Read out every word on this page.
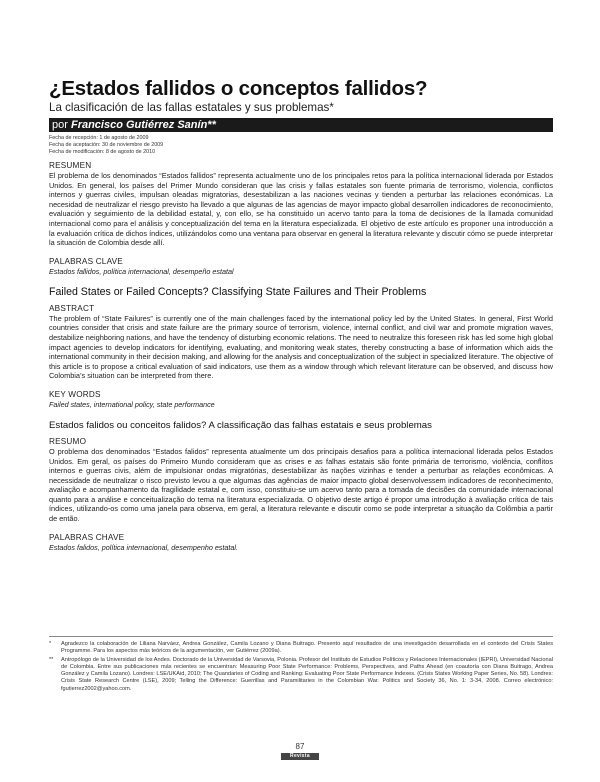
¿Estados fallidos o conceptos fallidos?
La clasificación de las fallas estatales y sus problemas*
por Francisco Gutiérrez Sanín**
Fecha de recepción: 1 de agosto de 2009
Fecha de aceptación: 30 de noviembre de 2009
Fecha de modificación: 8 de agosto de 2010
RESUMEN
El problema de los denominados “Estados fallidos” representa actualmente uno de los principales retos para la política internacional liderada por Estados Unidos. En general, los países del Primer Mundo consideran que las crisis y fallas estatales son fuente primaria de terrorismo, violencia, conflictos internos y guerras civiles, impulsan oleadas migratorias, desestabilizan a las naciones vecinas y tienden a perturbar las relaciones económicas. La necesidad de neutralizar el riesgo previsto ha llevado a que algunas de las agencias de mayor impacto global desarrollen indicadores de reconocimiento, evaluación y seguimiento de la debilidad estatal, y, con ello, se ha constituido un acervo tanto para la toma de decisiones de la llamada comunidad internacional como para el análisis y conceptualización del tema en la literatura especializada. El objetivo de este artículo es proponer una introducción a la evaluación crítica de dichos índices, utilizándolos como una ventana para observar en general la literatura relevante y discutir cómo se puede interpretar la situación de Colombia desde allí.
PALABRAS CLAVE
Estados fallidos, política internacional, desempeño estatal
Failed States or Failed Concepts? Classifying State Failures and Their Problems
ABSTRACT
The problem of “State Failures” is currently one of the main challenges faced by the international policy led by the United States. In general, First World countries consider that crisis and state failure are the primary source of terrorism, violence, internal conflict, and civil war and promote migration waves, destabilize neighboring nations, and have the tendency of disturbing economic relations. The need to neutralize this foreseen risk has led some high global impact agencies to develop indicators for identifying, evaluating, and monitoring weak states, thereby constructing a base of information which aids the international community in their decision making, and allowing for the analysis and conceptualization of the subject in specialized literature. The objective of this article is to propose a critical evaluation of said indicators, use them as a window through which relevant literature can be observed, and discuss how Colombia’s situation can be interpreted from there.
KEY WORDS
Failed states, international policy, state performance
Estados falidos ou conceitos falidos? A classificação das falhas estatais e seus problemas
RESUMO
O problema dos denominados “Estados falidos” representa atualmente um dos principais desafios para a política internacional liderada pelos Estados Unidos. Em geral, os países do Primeiro Mundo consideram que as crises e as falhas estatais são fonte primária de terrorismo, violência, conflitos internos e guerras civis, além de impulsionar ondas migratórias, desestabilizar às nações vizinhas e tender a perturbar as relações econômicas. A necessidade de neutralizar o risco previsto levou a que algumas das agências de maior impacto global desenvolvessem indicadores de reconhecimento, avaliação e acompanhamento da fragilidade estatal e, com isso, constituiu-se um acervo tanto para a tomada de decisões da comunidade internacional quanto para a análise e conceitualização do tema na literatura especializada. O objetivo deste artigo é propor uma introdução à avaliação crítica de tais índices, utilizando-os como uma janela para observa, em geral, a literatura relevante e discutir como se pode interpretar a situação da Colômbia a partir de então.
PALABRAS CHAVE
Estados falidos, política internacional, desempenho estatal.
*	Agradezco la colaboración de Liliana Narváez, Andrea González, Camila Lozano y Diana Buitrago. Presento aquí resultados de una investigación desarrollada en el contexto del Crisis States Programme. Para los aspectos más teóricos de la argumentación, ver Gutiérrez (2009a).
**	Antropólogo de la Universidad de los Andes. Doctorado de la Universidad de Varsovia, Polonia. Profesor del Instituto de Estudios Políticos y Relaciones Internacionales (IEPRI), Universidad Nacional de Colombia. Entre sus publicaciones más recientes se encuentran: Measuring Poor State Performance: Problems, Perspectives, and Paths Ahead (en coautoría con Diana Buitrago, Andrea González y Camila Lozano). Londres: LSE/UKAid, 2010; The Quandaries of Coding and Ranking: Evaluating Poor State Performance Indexes. (Crisis States Working Paper Series, No. 58). Londres: Crisis State Research Centre (LSE), 2009; Telling the Difference: Guerrillas and Paramilitaries in the Colombian War. Politics and Society 36, No. 1: 3-34, 2008. Correo electrónico: fgutierrez2002@yahoo.com.
87
Revista
